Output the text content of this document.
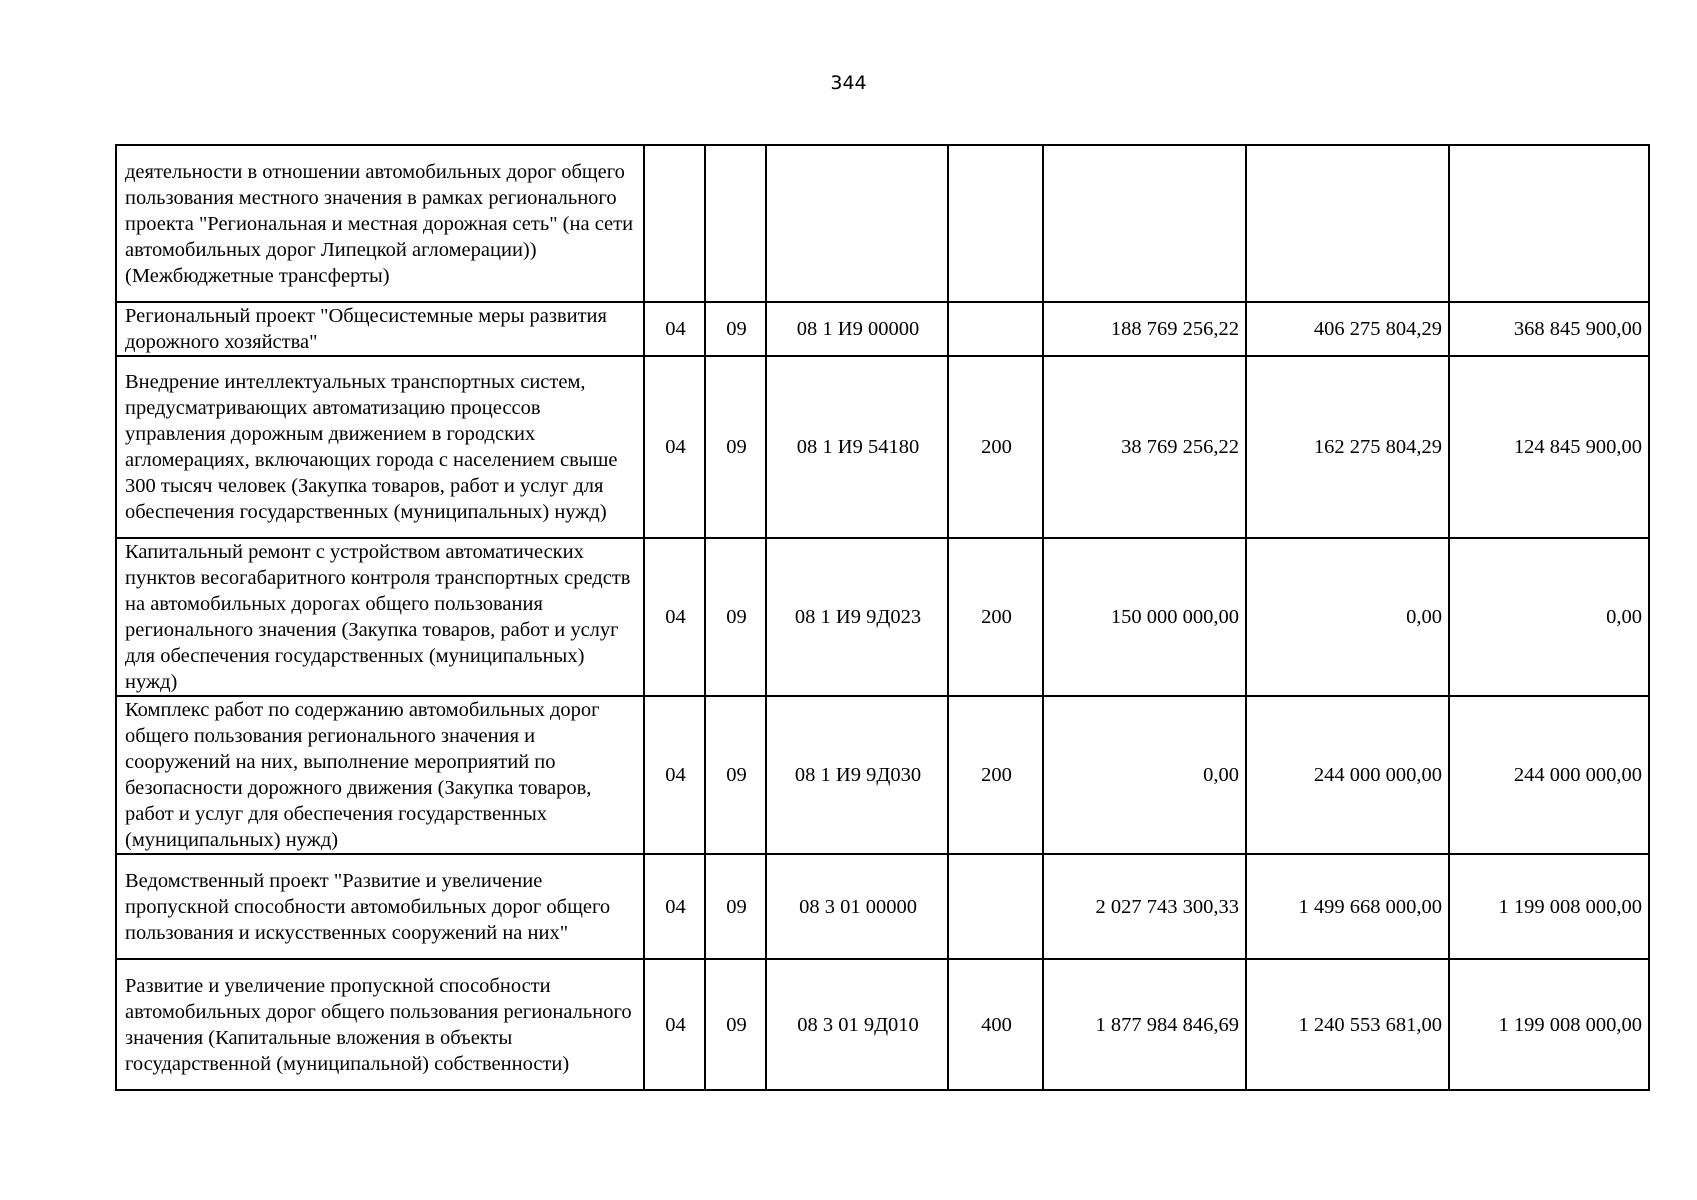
344
деятельности в отношении автомобильных дорог общего пользования местного значения в рамках регионального проекта "Региональная и местная дорожная сеть" (на сети автомобильных дорог Липецкой агломерации)) (Межбюджетные трансферты)							
Региональный проект "Общесистемные меры развития дорожного хозяйства"	04	09	08 1 И9 00000		188 769 256,22	406 275 804,29	368 845 900,00
Внедрение интеллектуальных транспортных систем, предусматривающих автоматизацию процессов управления дорожным движением в городских агломерациях, включающих города с населением свыше 300 тысяч человек (Закупка товаров, работ и услуг для обеспечения государственных (муниципальных) нужд)	04	09	08 1 И9 54180	200	38 769 256,22	162 275 804,29	124 845 900,00
Капитальный ремонт с устройством автоматических пунктов весогабаритного контроля транспортных средств на автомобильных дорогах общего пользования регионального значения (Закупка товаров, работ и услуг для обеспечения государственных (муниципальных) нужд)	04	09	08 1 И9 9Д023	200	150 000 000,00	0,00	0,00
Комплекс работ по содержанию автомобильных дорог общего пользования регионального значения и сооружений на них, выполнение мероприятий по безопасности дорожного движения (Закупка товаров, работ и услуг для обеспечения государственных (муниципальных) нужд)	04	09	08 1 И9 9Д030	200	0,00	244 000 000,00	244 000 000,00
Ведомственный проект "Развитие и увеличение пропускной способности автомобильных дорог общего пользования и искусственных сооружений на них"	04	09	08 3 01 00000		2 027 743 300,33	1 499 668 000,00	1 199 008 000,00
Развитие и увеличение пропускной способности автомобильных дорог общего пользования регионального значения (Капитальные вложения в объекты государственной (муниципальной) собственности)	04	09	08 3 01 9Д010	400	1 877 984 846,69	1 240 553 681,00	1 199 008 000,00
